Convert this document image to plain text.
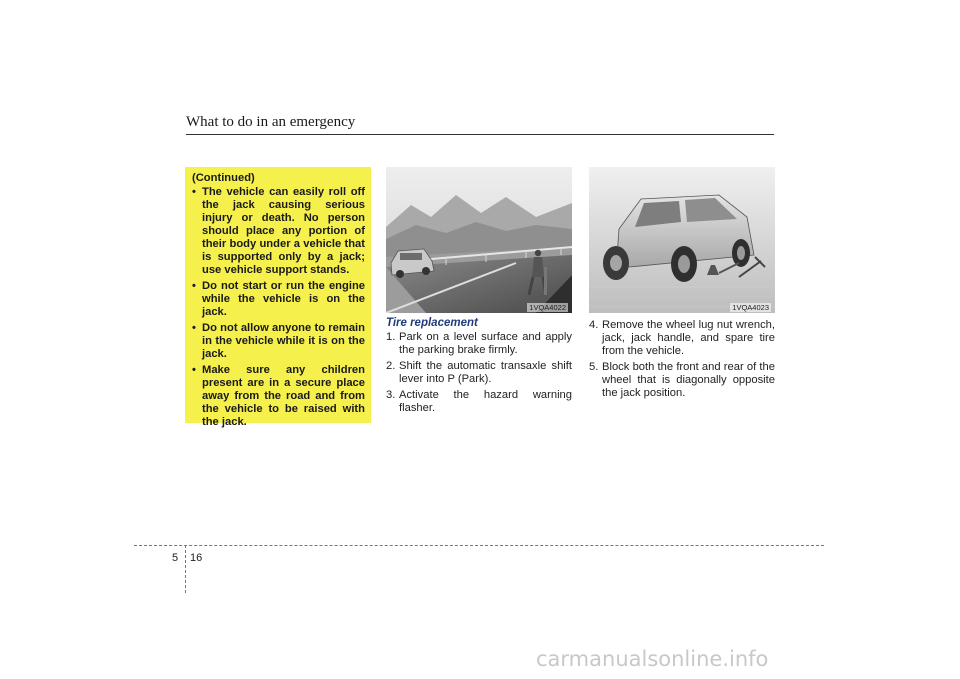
What to do in an emergency
(Continued)
• The vehicle can easily roll off the jack causing serious injury or death. No person should place any portion of their body under a vehicle that is supported only by a jack; use vehicle support stands.
• Do not start or run the engine while the vehicle is on the jack.
• Do not allow anyone to remain in the vehicle while it is on the jack.
• Make sure any children present are in a secure place away from the road and from the vehicle to be raised with the jack.
1VQA4022	1VQA4023
Tire replacement
1. Park on a level surface and apply the parking brake firmly.
2. Shift the automatic transaxle shift lever into P (Park).
3. Activate the hazard warning flasher.
4. Remove the wheel lug nut wrench, jack, jack handle, and spare tire from the vehicle.
5. Block both the front and rear of the wheel that is diagonally opposite the jack position.
5 16
carmanualsonline.info
